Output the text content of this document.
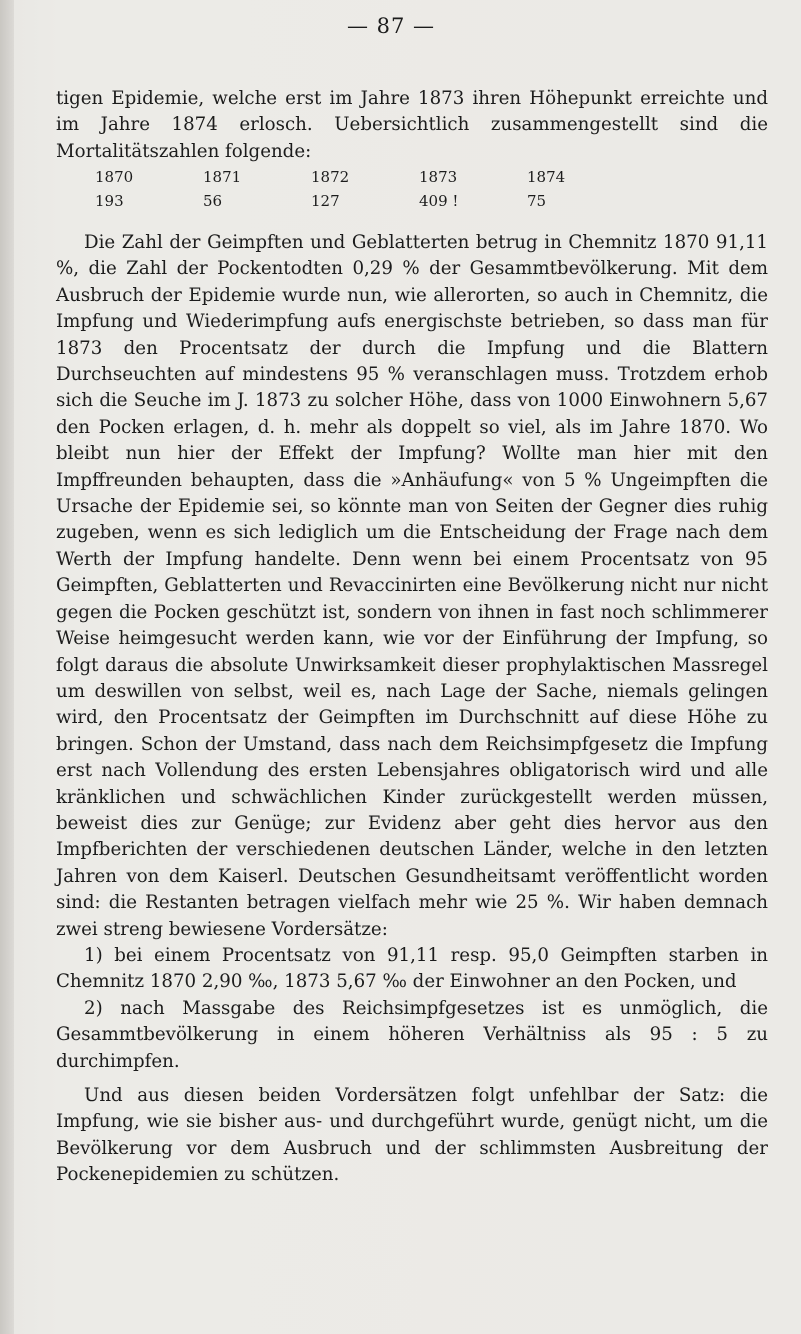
— 87 —

tigen Epidemie, welche erst im Jahre 1873 ihren Höhepunkt erreichte und im Jahre 1874 erlosch. Uebersichtlich zusammengestellt sind die Mortalitätszahlen folgende:

1870	1871	1872	1873	1874
193	56	127	409 !	75

Die Zahl der Geimpften und Geblatterten betrug in Chemnitz 1870 91,11 %, die Zahl der Pockentodten 0,29 % der Gesammtbevölkerung. Mit dem Ausbruch der Epidemie wurde nun, wie allerorten, so auch in Chemnitz, die Impfung und Wiederimpfung aufs energischste betrieben, so dass man für 1873 den Procentsatz der durch die Impfung und die Blattern Durchseuchten auf mindestens 95 % veranschlagen muss. Trotzdem erhob sich die Seuche im J. 1873 zu solcher Höhe, dass von 1000 Einwohnern 5,67 den Pocken erlagen, d. h. mehr als doppelt so viel, als im Jahre 1870. Wo bleibt nun hier der Effekt der Impfung? Wollte man hier mit den Impffreunden behaupten, dass die »Anhäufung« von 5 % Ungeimpften die Ursache der Epidemie sei, so könnte man von Seiten der Gegner dies ruhig zugeben, wenn es sich lediglich um die Entscheidung der Frage nach dem Werth der Impfung handelte. Denn wenn bei einem Procentsatz von 95 Geimpften, Geblatterten und Revaccinirten eine Bevölkerung nicht nur nicht gegen die Pocken geschützt ist, sondern von ihnen in fast noch schlimmerer Weise heimgesucht werden kann, wie vor der Einführung der Impfung, so folgt daraus die absolute Unwirksamkeit dieser prophylaktischen Massregel um deswillen von selbst, weil es, nach Lage der Sache, niemals gelingen wird, den Procentsatz der Geimpften im Durchschnitt auf diese Höhe zu bringen. Schon der Umstand, dass nach dem Reichsimpfgesetz die Impfung erst nach Vollendung des ersten Lebensjahres obligatorisch wird und alle kränklichen und schwächlichen Kinder zurückgestellt werden müssen, beweist dies zur Genüge; zur Evidenz aber geht dies hervor aus den Impfberichten der verschiedenen deutschen Länder, welche in den letzten Jahren von dem Kaiserl. Deutschen Gesundheitsamt veröffentlicht worden sind: die Restanten betragen vielfach mehr wie 25 %. Wir haben demnach zwei streng bewiesene Vordersätze:

1) bei einem Procentsatz von 91,11 resp. 95,0 Geimpften starben in Chemnitz 1870 2,90 ‰, 1873 5,67 ‰ der Einwohner an den Pocken, und

2) nach Massgabe des Reichsimpfgesetzes ist es unmöglich, die Gesammtbevölkerung in einem höheren Verhältniss als 95 : 5 zu durchimpfen.

Und aus diesen beiden Vordersätzen folgt unfehlbar der Satz: die Impfung, wie sie bisher aus- und durchgeführt wurde, genügt nicht, um die Bevölkerung vor dem Ausbruch und der schlimmsten Ausbreitung der Pockenepidemien zu schützen.
